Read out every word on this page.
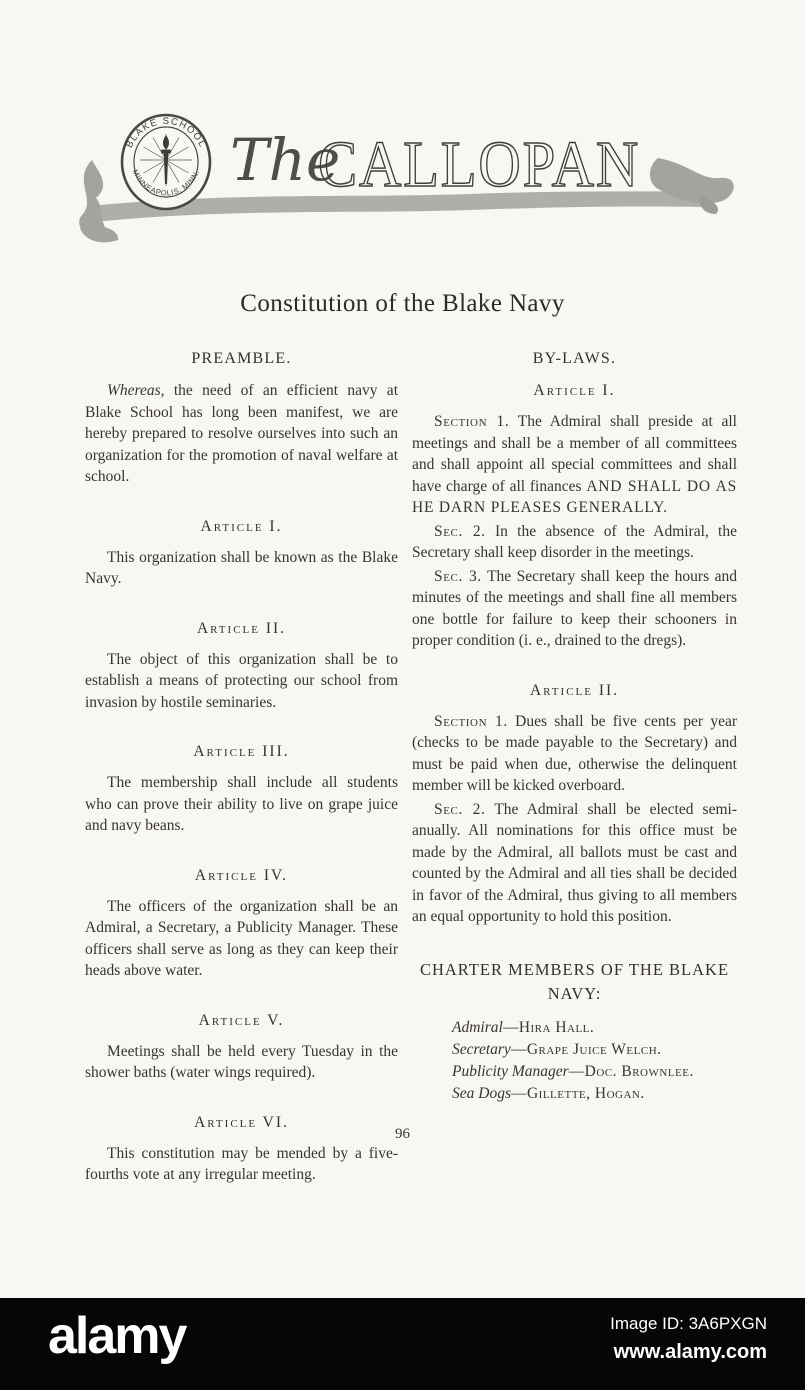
BLAKE SCHOOL
MINNEAPOLIS, MINN. The
CALLOPAN
Constitution of the Blake Navy
PREAMBLE.

Whereas, the need of an efficient navy at Blake School has long been manifest, we are hereby prepared to resolve ourselves into such an organization for the promotion of naval welfare at school.

Article I.

This organization shall be known as the Blake Navy.

Article II.

The object of this organization shall be to establish a means of protecting our school from invasion by hostile seminaries.

Article III.

The membership shall include all students who can prove their ability to live on grape juice and navy beans.

Article IV.

The officers of the organization shall be an Admiral, a Secretary, a Publicity Manager. These officers shall serve as long as they can keep their heads above water.

Article V.

Meetings shall be held every Tuesday in the shower baths (water wings required).

Article VI.

This constitution may be mended by a five-fourths vote at any irregular meeting.

BY-LAWS.
Article I.

Section 1. The Admiral shall preside at all meetings and shall be a member of all committees and shall appoint all special committees and shall have charge of all finances AND SHALL DO AS HE DARN PLEASES GENERALLY.

Sec. 2. In the absence of the Admiral, the Secretary shall keep disorder in the meetings.

Sec. 3. The Secretary shall keep the hours and minutes of the meetings and shall fine all members one bottle for failure to keep their schooners in proper condition (i. e., drained to the dregs).

Article II.

Section 1. Dues shall be five cents per year (checks to be made payable to the Secretary) and must be paid when due, otherwise the delinquent member will be kicked overboard.

Sec. 2. The Admiral shall be elected semi-anually. All nominations for this office must be made by the Admiral, all ballots must be cast and counted by the Admiral and all ties shall be decided in favor of the Admiral, thus giving to all members an equal opportunity to hold this position.

CHARTER MEMBERS OF THE BLAKE NAVY:
Admiral—Hira Hall.
Secretary—Grape Juice Welch.
Publicity Manager—Doc. Brownlee.
Sea Dogs—Gillette, Hogan.
96
alamy	Image ID: 3A6PXGN
www.alamy.com
